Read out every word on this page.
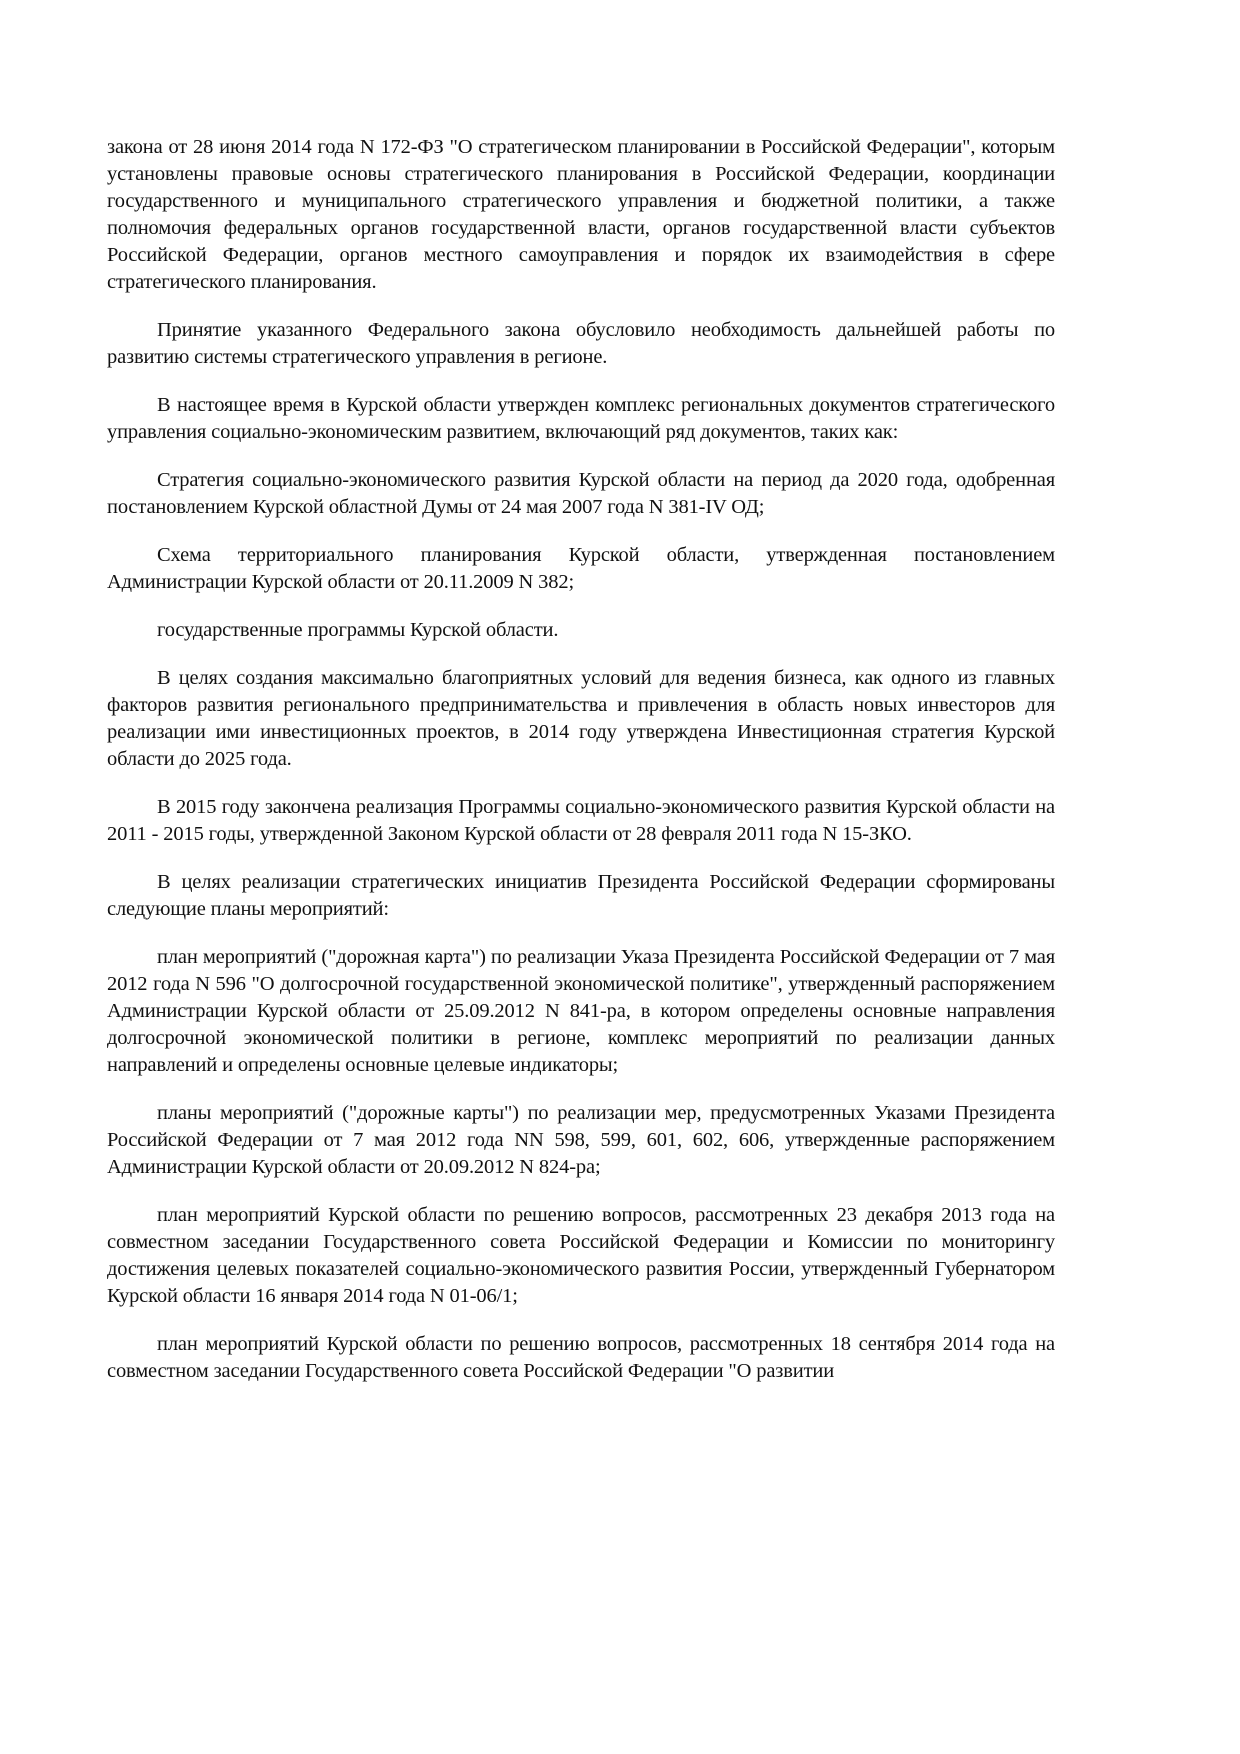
закона от 28 июня 2014 года N 172-ФЗ "О стратегическом планировании в Российской Федерации", которым установлены правовые основы стратегического планирования в Российской Федерации, координации государственного и муниципального стратегического управления и бюджетной политики, а также полномочия федеральных органов государственной власти, органов государственной власти субъектов Российской Федерации, органов местного самоуправления и порядок их взаимодействия в сфере стратегического планирования.

Принятие указанного Федерального закона обусловило необходимость дальнейшей работы по развитию системы стратегического управления в регионе.

В настоящее время в Курской области утвержден комплекс региональных документов стратегического управления социально-экономическим развитием, включающий ряд документов, таких как:

Стратегия социально-экономического развития Курской области на период да 2020 года, одобренная постановлением Курской областной Думы от 24 мая 2007 года N 381-IV ОД;

Схема территориального планирования Курской области, утвержденная постановлением Администрации Курской области от 20.11.2009 N 382;

государственные программы Курской области.

В целях создания максимально благоприятных условий для ведения бизнеса, как одного из главных факторов развития регионального предпринимательства и привлечения в область новых инвесторов для реализации ими инвестиционных проектов, в 2014 году утверждена Инвестиционная стратегия Курской области до 2025 года.

В 2015 году закончена реализация Программы социально-экономического развития Курской области на 2011 - 2015 годы, утвержденной Законом Курской области от 28 февраля 2011 года N 15-ЗКО.

В целях реализации стратегических инициатив Президента Российской Федерации сформированы следующие планы мероприятий:

план мероприятий ("дорожная карта") по реализации Указа Президента Российской Федерации от 7 мая 2012 года N 596 "О долгосрочной государственной экономической политике", утвержденный распоряжением Администрации Курской области от 25.09.2012 N 841-ра, в котором определены основные направления долгосрочной экономической политики в регионе, комплекс мероприятий по реализации данных направлений и определены основные целевые индикаторы;

планы мероприятий ("дорожные карты") по реализации мер, предусмотренных Указами Президента Российской Федерации от 7 мая 2012 года NN 598, 599, 601, 602, 606, утвержденные распоряжением Администрации Курской области от 20.09.2012 N 824-ра;

план мероприятий Курской области по решению вопросов, рассмотренных 23 декабря 2013 года на совместном заседании Государственного совета Российской Федерации и Комиссии по мониторингу достижения целевых показателей социально-экономического развития России, утвержденный Губернатором Курской области 16 января 2014 года N 01-06/1;

план мероприятий Курской области по решению вопросов, рассмотренных 18 сентября 2014 года на совместном заседании Государственного совета Российской Федерации "О развитии
